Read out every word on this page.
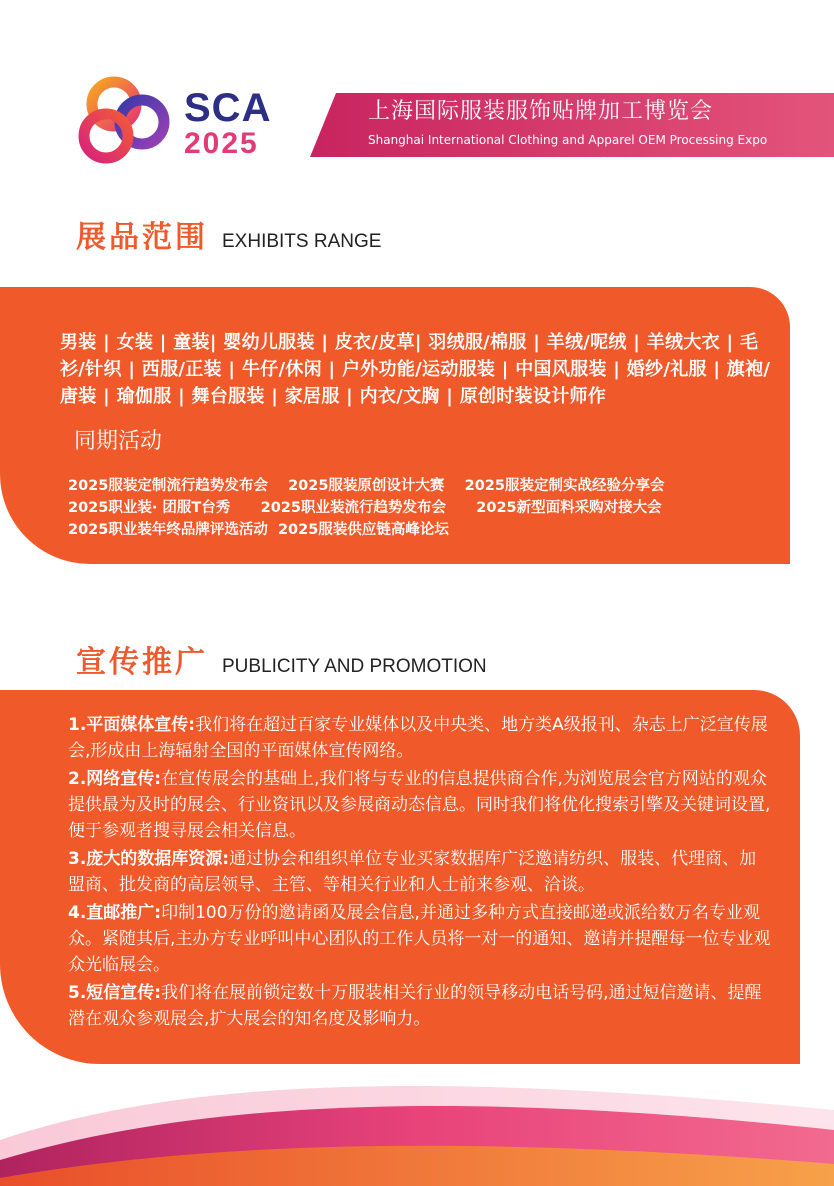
SCA
2025
上海国际服装服饰贴牌加工博览会
Shanghai International Clothing and Apparel OEM Processing Expo
展品范围 EXHIBITS RANGE
男装 | 女装 | 童装| 婴幼儿服装 | 皮衣/皮草| 羽绒服/棉服 | 羊绒/呢绒 | 羊绒大衣 | 毛衫/针织 | 西服/正装 | 牛仔/休闲 | 户外功能/运动服装 | 中国风服装 | 婚纱/礼服 | 旗袍/唐装 | 瑜伽服 | 舞台服装 | 家居服 | 内衣/文胸 | 原创时装设计师作
同期活动
2025服装定制流行趋势发布会 2025服装原创设计大赛 2025服装定制实战经验分享会
2025职业装· 团服T台秀 2025职业装流行趋势发布会 2025新型面料采购对接大会
2025职业装年终品牌评选活动 2025服装供应链高峰论坛
宣传推广 PUBLICITY AND PROMOTION

1.平面媒体宣传:我们将在超过百家专业媒体以及中央类、地方类A级报刊、杂志上广泛宣传展会,形成由上海辐射全国的平面媒体宣传网络。

2.网络宣传:在宣传展会的基础上,我们将与专业的信息提供商合作,为浏览展会官方网站的观众提供最为及时的展会、行业资讯以及参展商动态信息。同时我们将优化搜索引擎及关键词设置,便于参观者搜寻展会相关信息。

3.庞大的数据库资源:通过协会和组织单位专业买家数据库广泛邀请纺织、服装、代理商、加盟商、批发商的高层领导、主管、等相关行业和人士前来参观、洽谈。

4.直邮推广:印制100万份的邀请函及展会信息,并通过多种方式直接邮递或派给数万名专业观众。紧随其后,主办方专业呼叫中心团队的工作人员将一对一的通知、邀请并提醒每一位专业观众光临展会。

5.短信宣传:我们将在展前锁定数十万服装相关行业的领导移动电话号码,通过短信邀请、提醒潜在观众参观展会,扩大展会的知名度及影响力。
